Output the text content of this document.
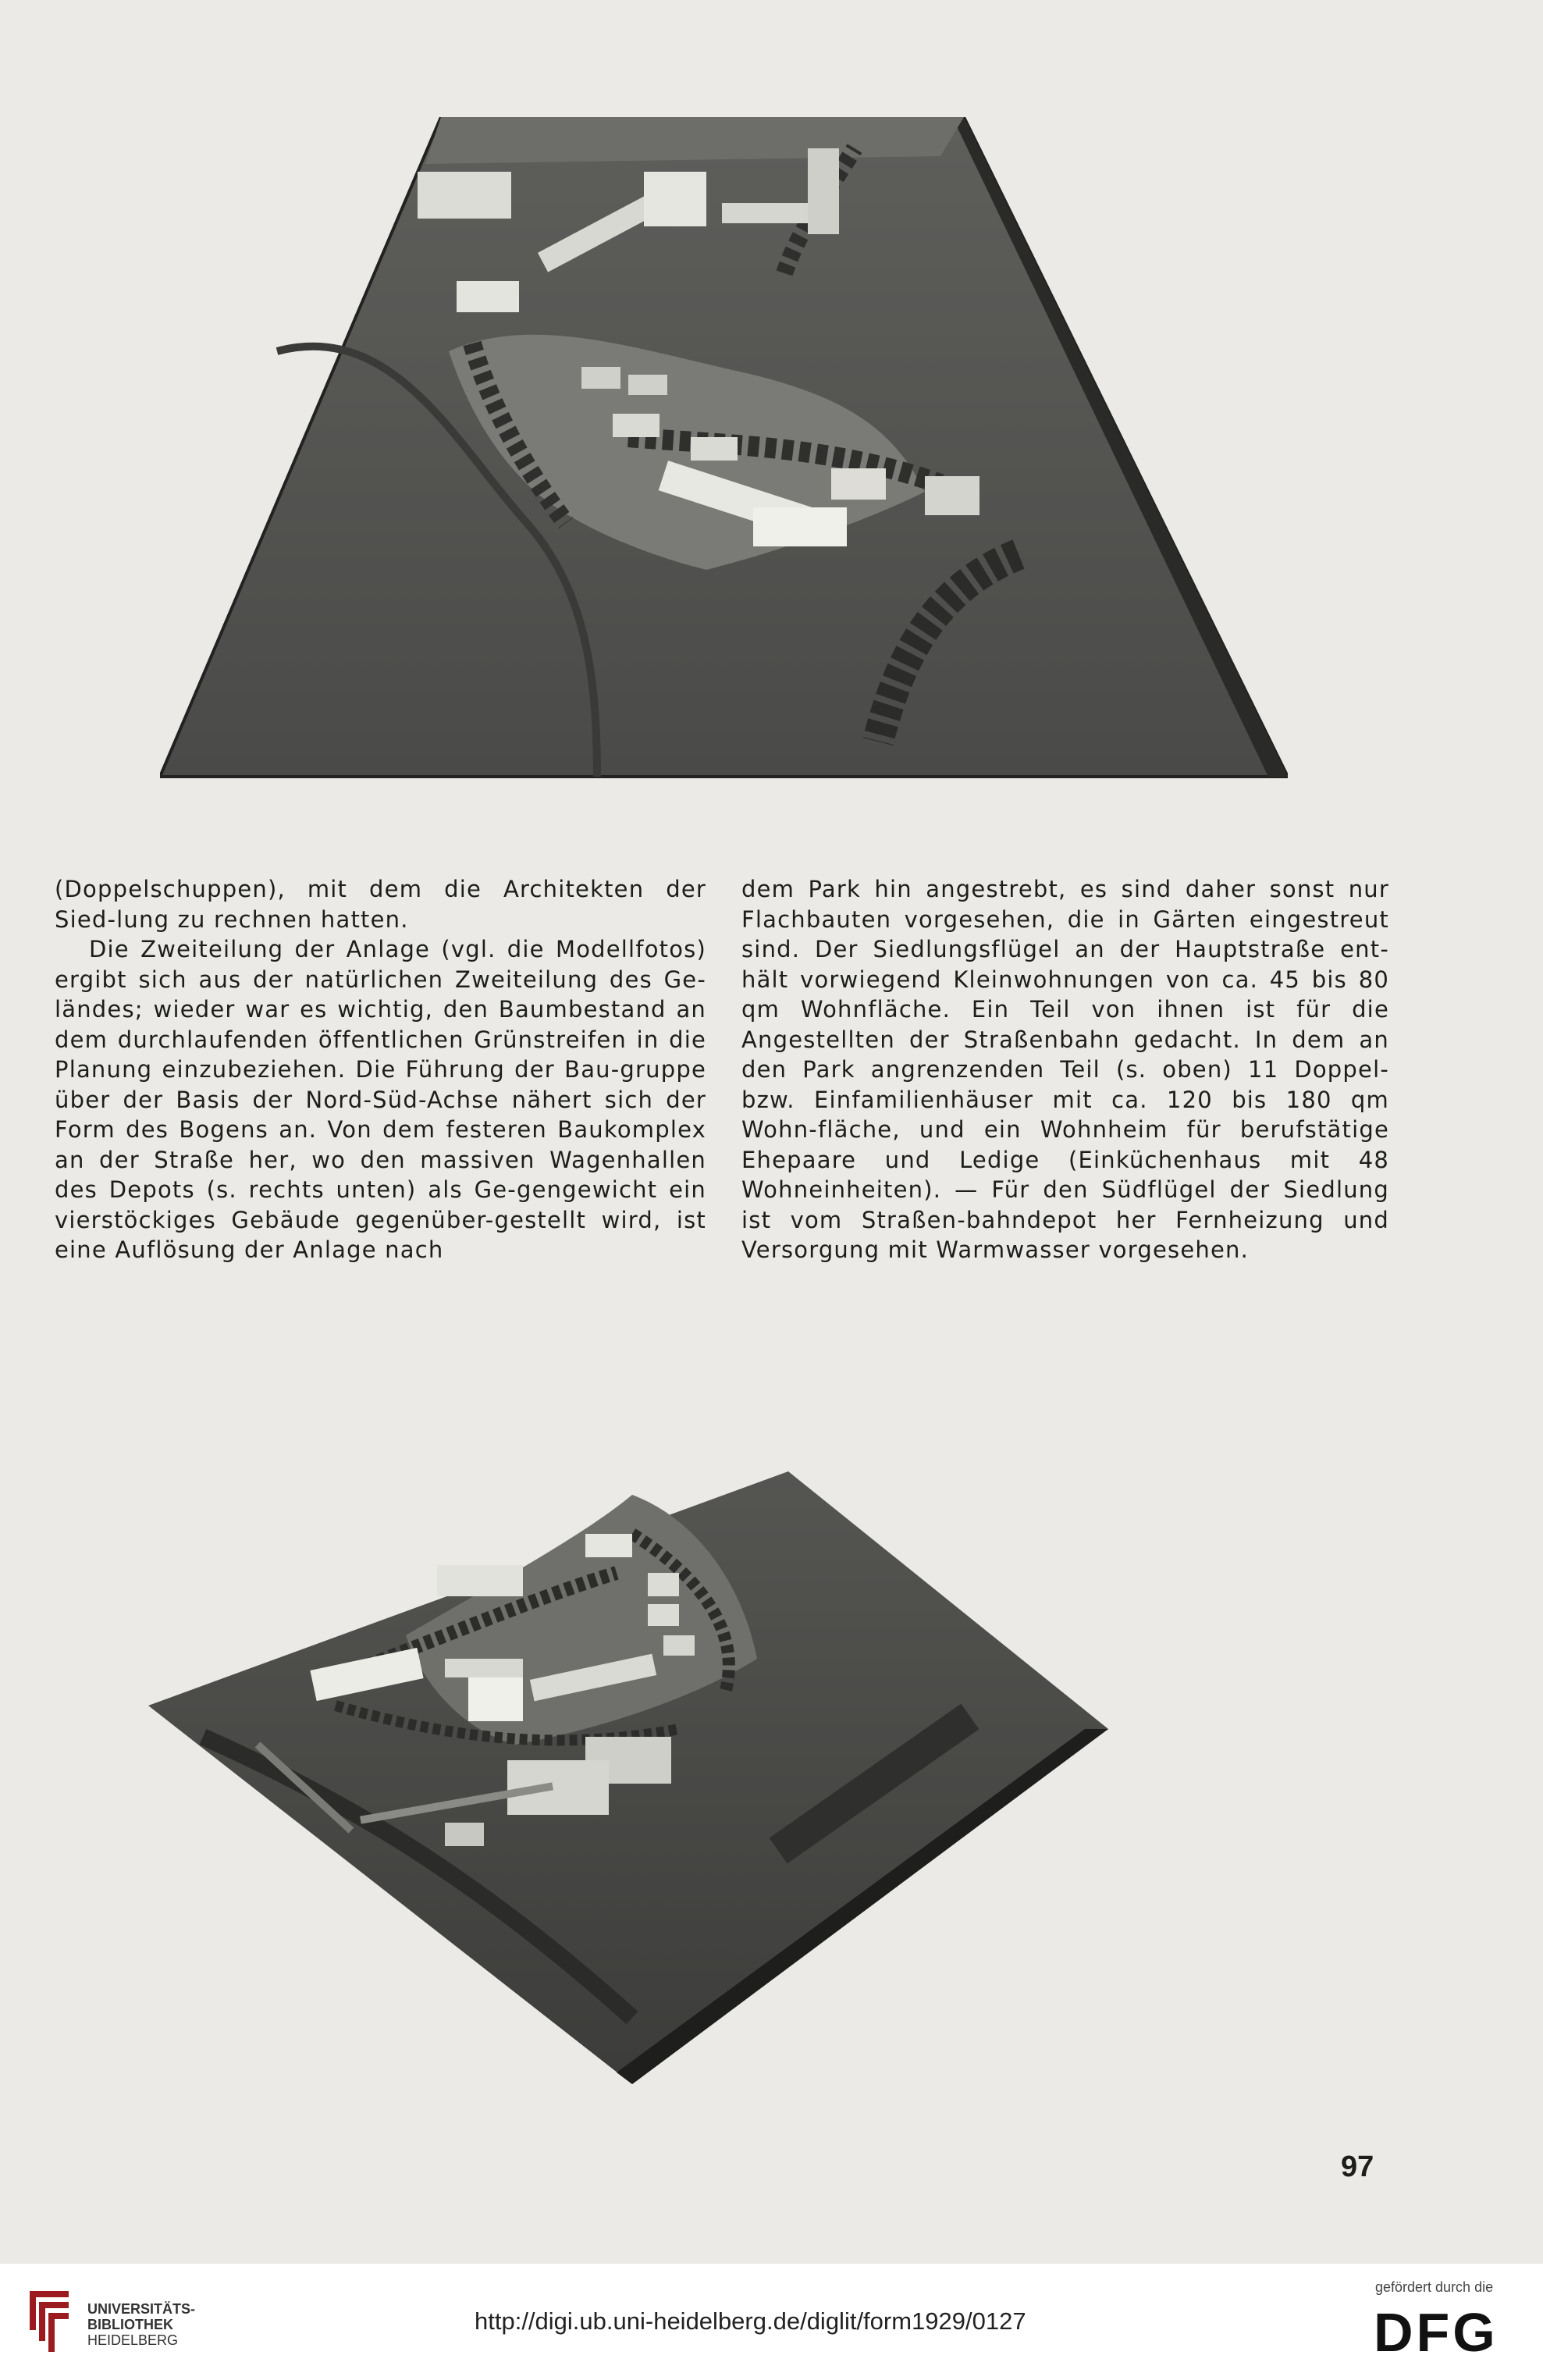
(Doppelschuppen), mit dem die Architekten der Sied-lung zu rechnen hatten.

Die Zweiteilung der Anlage (vgl. die Modellfotos) ergibt sich aus der natürlichen Zweiteilung des Ge-ländes; wieder war es wichtig, den Baumbestand an dem durchlaufenden öffentlichen Grünstreifen in die Planung einzubeziehen. Die Führung der Bau-gruppe über der Basis der Nord-Süd-Achse nähert sich der Form des Bogens an. Von dem festeren Baukomplex an der Straße her, wo den massiven Wagenhallen des Depots (s. rechts unten) als Ge-gengewicht ein vierstöckiges Gebäude gegenüber-gestellt wird, ist eine Auflösung der Anlage nach

dem Park hin angestrebt, es sind daher sonst nur Flachbauten vorgesehen, die in Gärten eingestreut sind. Der Siedlungsflügel an der Hauptstraße ent-hält vorwiegend Kleinwohnungen von ca. 45 bis 80 qm Wohnfläche. Ein Teil von ihnen ist für die Angestellten der Straßenbahn gedacht. In dem an den Park angrenzenden Teil (s. oben) 11 Doppel-bzw. Einfamilienhäuser mit ca. 120 bis 180 qm Wohn-fläche, und ein Wohnheim für berufstätige Ehepaare und Ledige (Einküchenhaus mit 48 Wohneinheiten). — Für den Südflügel der Siedlung ist vom Straßen-bahndepot her Fernheizung und Versorgung mit Warmwasser vorgesehen.

97
UNIVERSITÄTS-
BIBLIOTHEK
HEIDELBERG
http://digi.ub.uni-heidelberg.de/diglit/form1929/0127
gefördert durch die
DFG
